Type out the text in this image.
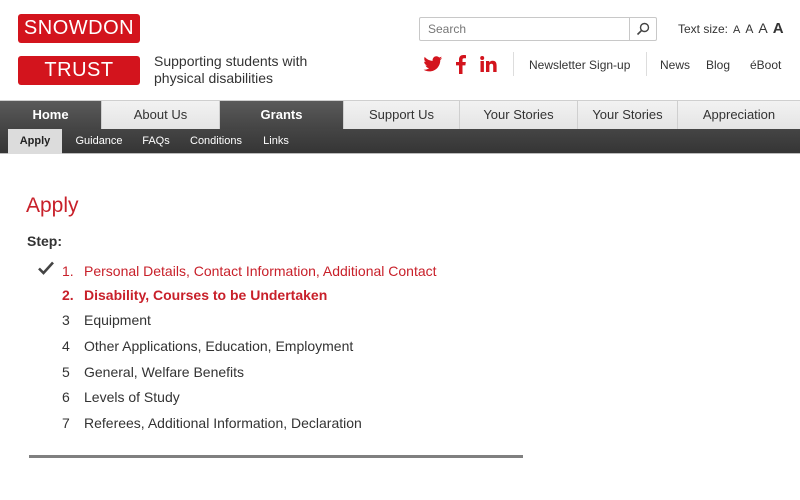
SNOWDON
TRUST	Supporting students with physical disabilities
Search
Text size: A A A A
Newsletter Sign-up News Blog éBoot
Home	About Us	Grants	Support Us	Your Stories	Your Stories	Appreciation
Apply	Guidance	FAQs	Conditions	Links
Apply
Step:
1. Personal Details, Contact Information, Additional Contact
2. Disability, Courses to be Undertaken
3	Equipment
4	Other Applications, Education, Employment
5	General, Welfare Benefits
6	Levels of Study
7	Referees, Additional Information, Declaration
